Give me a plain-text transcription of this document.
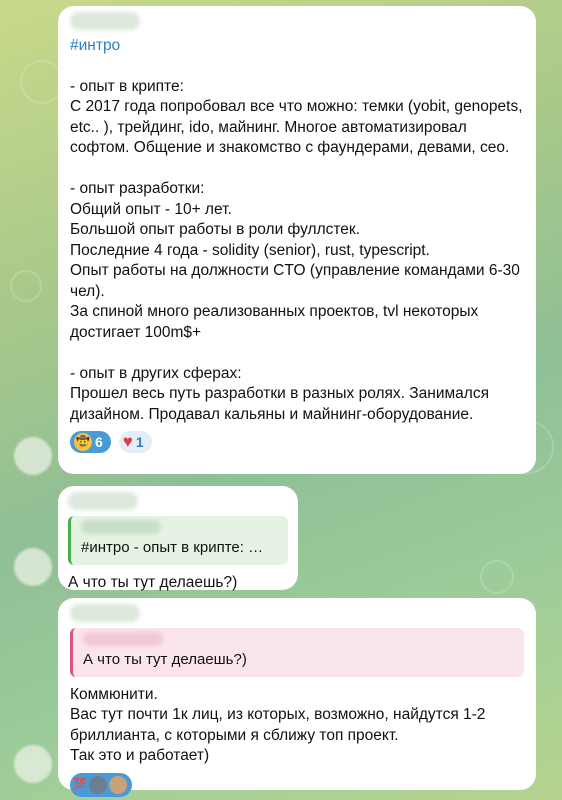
#интро
- опыт в крипте:
С 2017 года попробовал все что можно: темки (yobit, genopets, etc.. ), трейдинг, ido, майнинг. Многое автоматизировал софтом. Общение и знакомство с фаундерами, девами, сео.

- опыт разработки:
Общий опыт - 10+ лет.
Большой опыт работы в роли фуллстек.
Последние 4 года - solidity (senior), rust, typescript.
Опыт работы на должности CTO (управление командами 6-30 чел).
За спиной много реализованных проектов, tvl некоторых достигает 100m$+

- опыт в других сферах:
Прошел весь путь разработки в разных ролях. Занимался дизайном. Продавал кальяны и майнинг-оборудование.
🤠 6 ♥ 1
#интро - опыт в крипте: …
А что ты тут делаешь?)
А что ты тут делаешь?)
Коммюнити.
Вас тут почти 1к лиц, из которых, возможно, найдутся 1-2 бриллианта, с которыми я сближу топ проект.
Так это и работает)
💯
